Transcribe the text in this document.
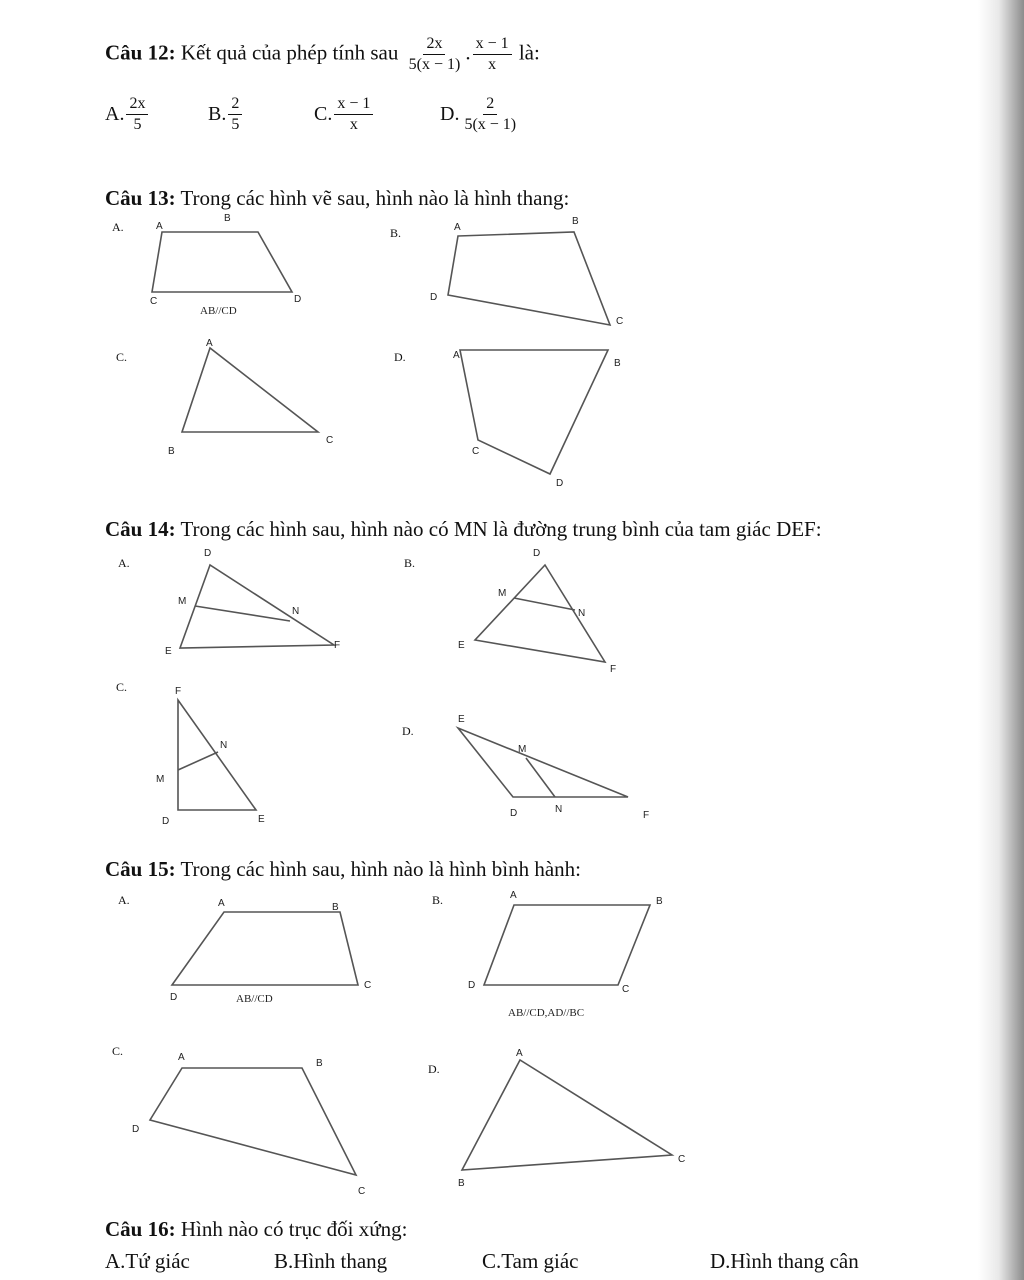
Câu 12: Kết quả của phép tính sau $\frac{2x}{5(x - 1)}$ . $\frac{x - 1}{x}$ là:
A. $\frac{2x}{5}$	B. $\frac{2}{5}$	C. $\frac{x - 1}{x}$	D. $\frac{2}{5(x - 1)}$
Câu 13: Trong các hình vẽ sau, hình nào là hình thang:
A.	A
B
C	D
AB//CD
B.	A
B
C
D
C.
A
B
C
D.	A
B
C
D
Câu 14: Trong các hình sau, hình nào có MN là đường trung bình của tam giác DEF:
A.
D
M
N
E
F
B.
D
M
N
E
F
C.	F
N
M
D	E
D.
E
M
D	N
F
Câu 15: Trong các hình sau, hình nào là hình bình hành:
A.	A	B
C
D	AB//CD
B.	A
B
C
D
AB//CD,AD//BC
C.	A
B
C
D
D.
A
B
C
Câu 16: Hình nào có trục đối xứng:
A.Tứ giác	B.Hình thang	C.Tam giác	D.Hình thang cân
